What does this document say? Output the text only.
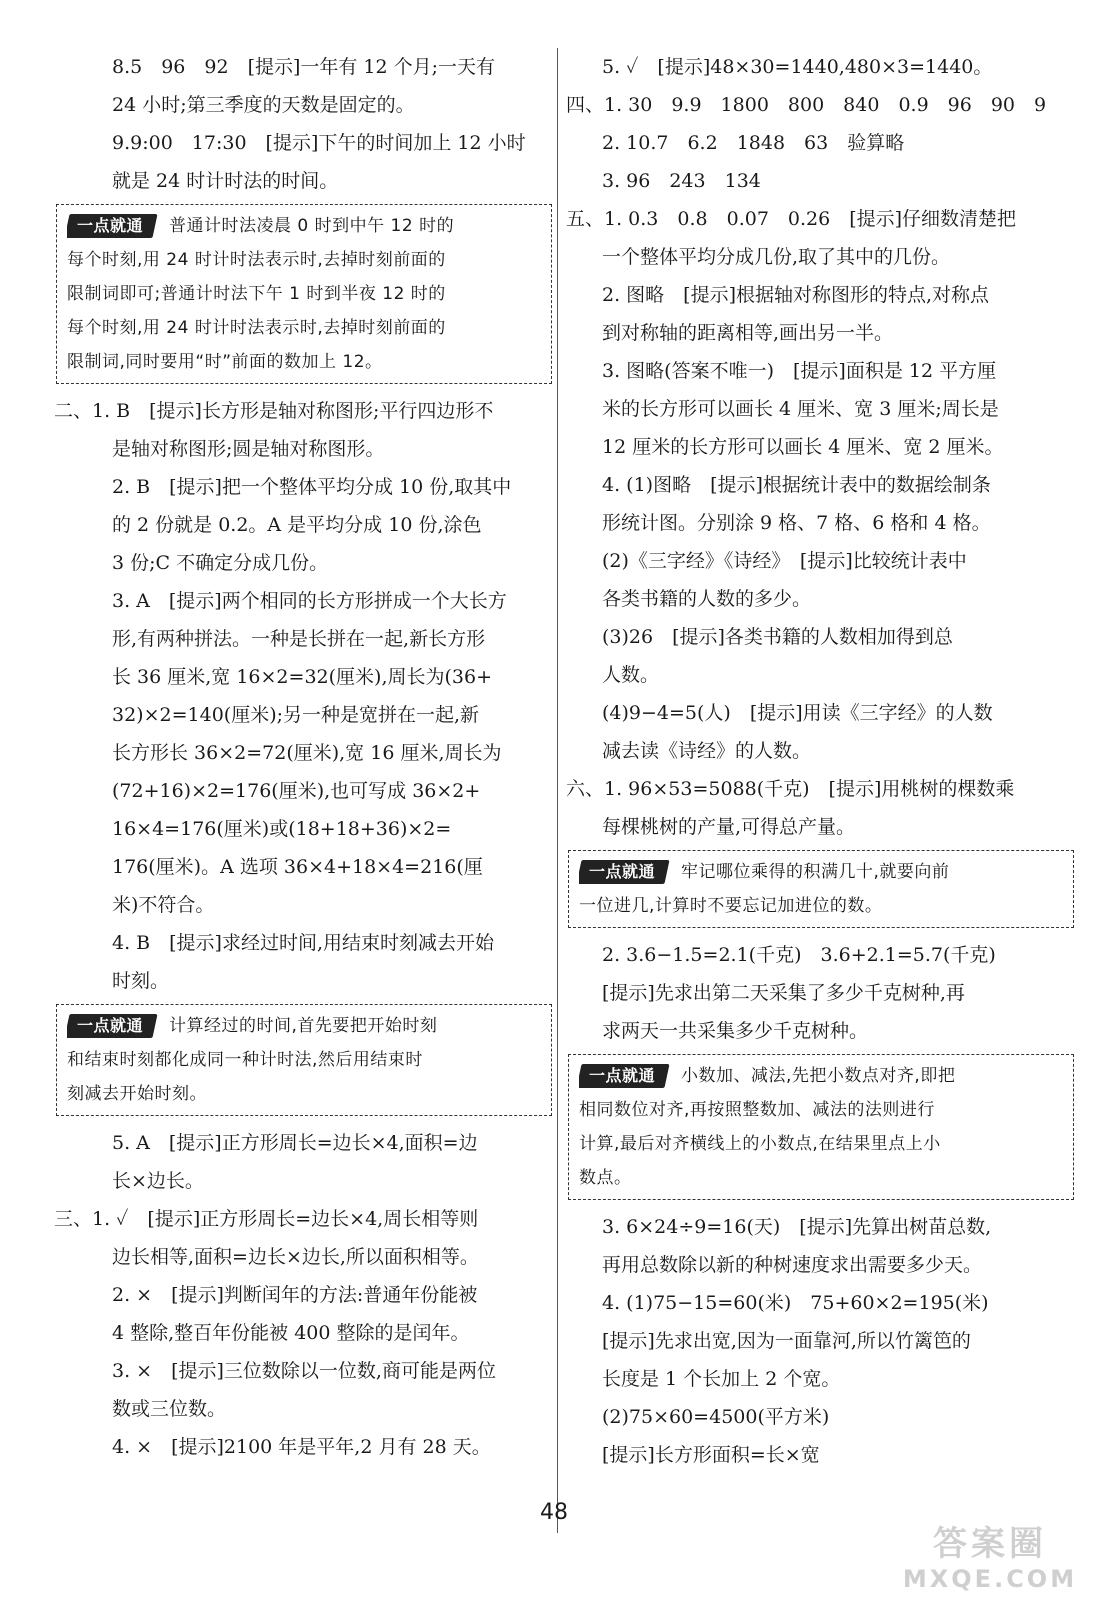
8.5　96　92　[提示]一年有 12 个月;一天有
24 小时;第三季度的天数是固定的。
9.9:00　17:30　[提示]下午的时间加上 12 小时
就是 24 时计时法的时间。
一点就通 普通计时法凌晨 0 时到中午 12 时的
每个时刻,用 24 时计时法表示时,去掉时刻前面的
限制词即可;普通计时法下午 1 时到半夜 12 时的
每个时刻,用 24 时计时法表示时,去掉时刻前面的
限制词,同时要用“时”前面的数加上 12。
二、1. B　[提示]长方形是轴对称图形;平行四边形不
是轴对称图形;圆是轴对称图形。
2. B　[提示]把一个整体平均分成 10 份,取其中
的 2 份就是 0.2。A 是平均分成 10 份,涂色
3 份;C 不确定分成几份。
3. A　[提示]两个相同的长方形拼成一个大长方
形,有两种拼法。一种是长拼在一起,新长方形
长 36 厘米,宽 16×2=32(厘米),周长为(36+
32)×2=140(厘米);另一种是宽拼在一起,新
长方形长 36×2=72(厘米),宽 16 厘米,周长为
(72+16)×2=176(厘米),也可写成 36×2+
16×4=176(厘米)或(18+18+36)×2=
176(厘米)。A 选项 36×4+18×4=216(厘
米)不符合。
4. B　[提示]求经过时间,用结束时刻减去开始
时刻。
一点就通 计算经过的时间,首先要把开始时刻
和结束时刻都化成同一种计时法,然后用结束时
刻减去开始时刻。
5. A　[提示]正方形周长=边长×4,面积=边
长×边长。
三、1. ✓　[提示]正方形周长=边长×4,周长相等则
边长相等,面积=边长×边长,所以面积相等。
2. ×　[提示]判断闰年的方法:普通年份能被
4 整除,整百年份能被 400 整除的是闰年。
3. ×　[提示]三位数除以一位数,商可能是两位
数或三位数。
4. ×　[提示]2100 年是平年,2 月有 28 天。
5. ✓　[提示]48×30=1440,480×3=1440。
四、1. 30　9.9　1800　800　840　0.9　96　90　9
2. 10.7　6.2　1848　63　验算略
3. 96　243　134
五、1. 0.3　0.8　0.07　0.26　[提示]仔细数清楚把
一个整体平均分成几份,取了其中的几份。
2. 图略　[提示]根据轴对称图形的特点,对称点
到对称轴的距离相等,画出另一半。
3. 图略(答案不唯一)　[提示]面积是 12 平方厘
米的长方形可以画长 4 厘米、宽 3 厘米;周长是
12 厘米的长方形可以画长 4 厘米、宽 2 厘米。
4. (1)图略　[提示]根据统计表中的数据绘制条
形统计图。分别涂 9 格、7 格、6 格和 4 格。
(2)《三字经》《诗经》　[提示]比较统计表中
各类书籍的人数的多少。
(3)26　[提示]各类书籍的人数相加得到总
人数。
(4)9−4=5(人)　[提示]用读《三字经》的人数
减去读《诗经》的人数。
六、1. 96×53=5088(千克)　[提示]用桃树的棵数乘
每棵桃树的产量,可得总产量。
一点就通 牢记哪位乘得的积满几十,就要向前
一位进几,计算时不要忘记加进位的数。
2. 3.6−1.5=2.1(千克)　3.6+2.1=5.7(千克)
[提示]先求出第二天采集了多少千克树种,再
求两天一共采集多少千克树种。
一点就通 小数加、减法,先把小数点对齐,即把
相同数位对齐,再按照整数加、减法的法则进行
计算,最后对齐横线上的小数点,在结果里点上小
数点。
3. 6×24÷9=16(天)　[提示]先算出树苗总数,
再用总数除以新的种树速度求出需要多少天。
4. (1)75−15=60(米)　75+60×2=195(米)
[提示]先求出宽,因为一面靠河,所以竹篱笆的
长度是 1 个长加上 2 个宽。
(2)75×60=4500(平方米)
[提示]长方形面积=长×宽
48
答案圈
MXQE.COM
